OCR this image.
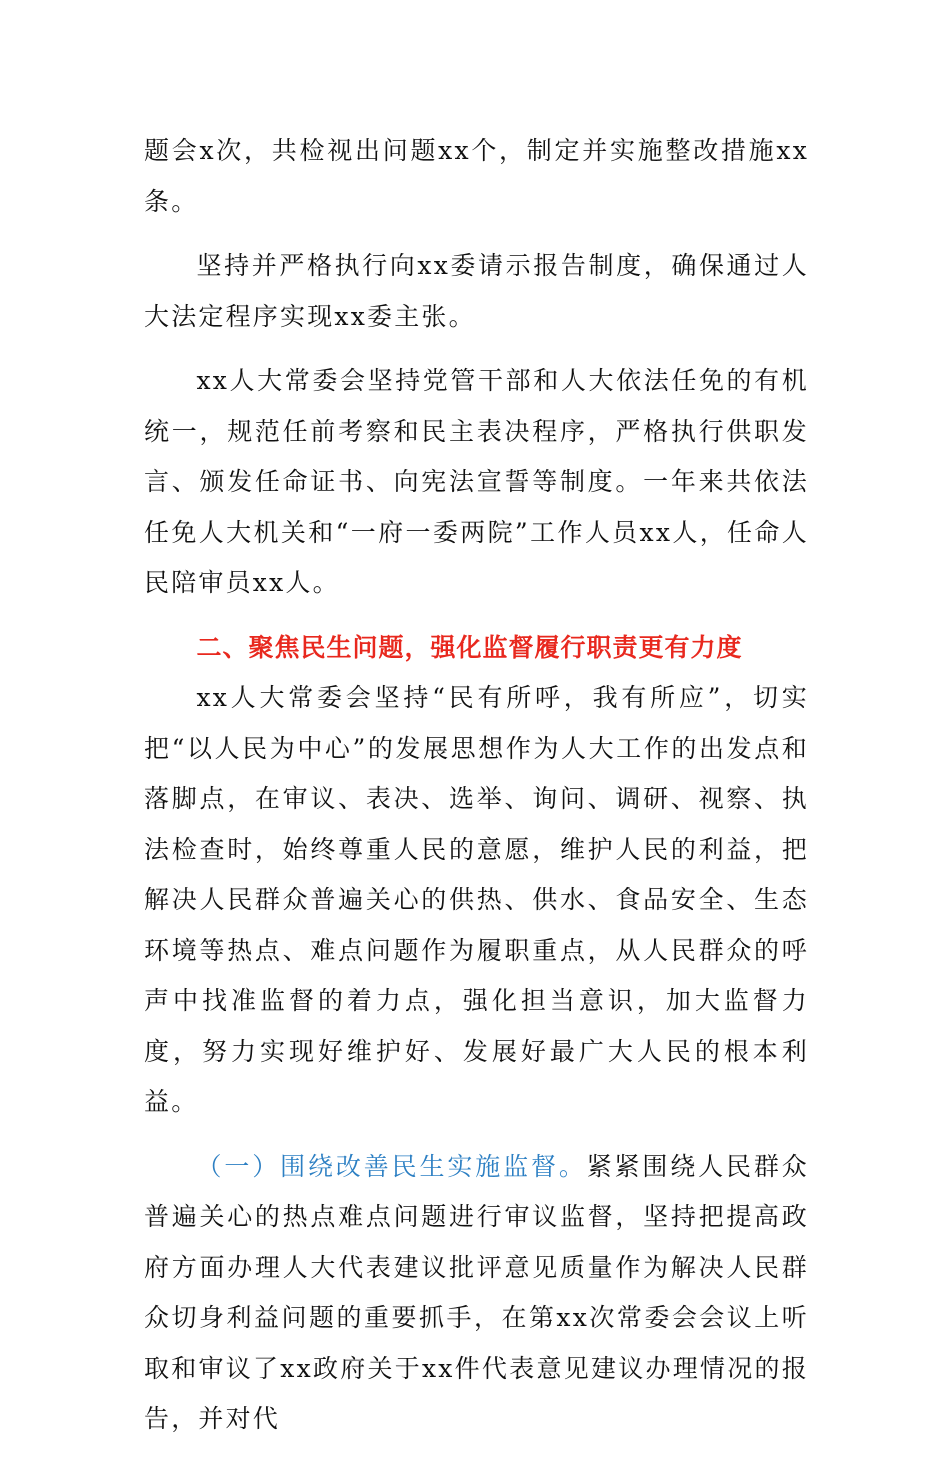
题会x次，共检视出问题xx个，制定并实施整改措施xx条。

坚持并严格执行向xx委请示报告制度，确保通过人大法定程序实现xx委主张。

xx人大常委会坚持党管干部和人大依法任免的有机统一，规范任前考察和民主表决程序，严格执行供职发言、颁发任命证书、向宪法宣誓等制度。一年来共依法任免人大机关和“一府一委两院”工作人员xx人，任命人民陪审员xx人。

二、聚焦民生问题，强化监督履行职责更有力度

xx人大常委会坚持“民有所呼，我有所应”，切实把“以人民为中心”的发展思想作为人大工作的出发点和落脚点，在审议、表决、选举、询问、调研、视察、执法检查时，始终尊重人民的意愿，维护人民的利益，把解决人民群众普遍关心的供热、供水、食品安全、生态环境等热点、难点问题作为履职重点，从人民群众的呼声中找准监督的着力点，强化担当意识，加大监督力度，努力实现好维护好、发展好最广大人民的根本利益。

（一）围绕改善民生实施监督。紧紧围绕人民群众普遍关心的热点难点问题进行审议监督，坚持把提高政府方面办理人大代表建议批评意见质量作为解决人民群众切身利益问题的重要抓手，在第xx次常委会会议上听取和审议了xx政府关于xx件代表意见建议办理情况的报告，并对代
